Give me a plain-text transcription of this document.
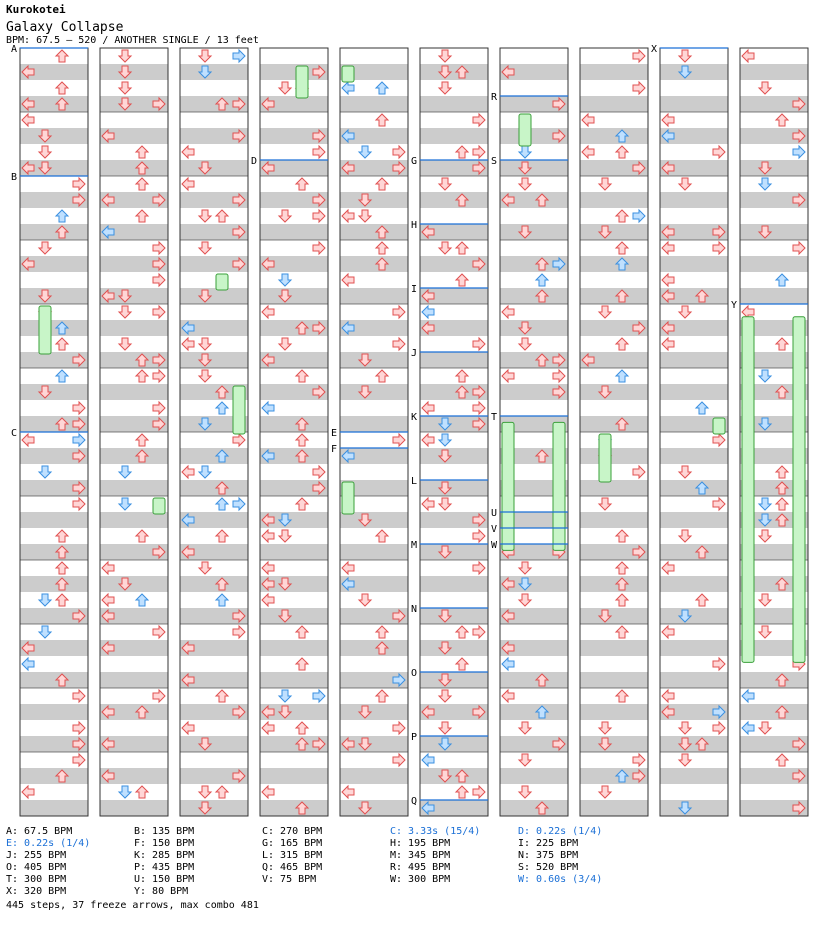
Kurokotei
Galaxy Collapse
BPM: 67.5 – 520 / ANOTHER SINGLE / 13 feet
A
B
C
D
E
F
G
H
I
J
K
L
M
N
O
P
Q
R
S
T
U
V
W
X
Y
A: 67.5 BPM	B: 135 BPM	C: 270 BPM	C: 3.33s (15/4)	D: 0.22s (1/4)
E: 0.22s (1/4)	F: 150 BPM	G: 165 BPM	H: 195 BPM	I: 225 BPM
J: 255 BPM	K: 285 BPM	L: 315 BPM	M: 345 BPM	N: 375 BPM
O: 405 BPM	P: 435 BPM	Q: 465 BPM	R: 495 BPM	S: 520 BPM
T: 300 BPM	U: 150 BPM	V: 75 BPM	W: 300 BPM	W: 0.60s (3/4)
X: 320 BPM	Y: 80 BPM
445 steps, 37 freeze arrows, max combo 481
